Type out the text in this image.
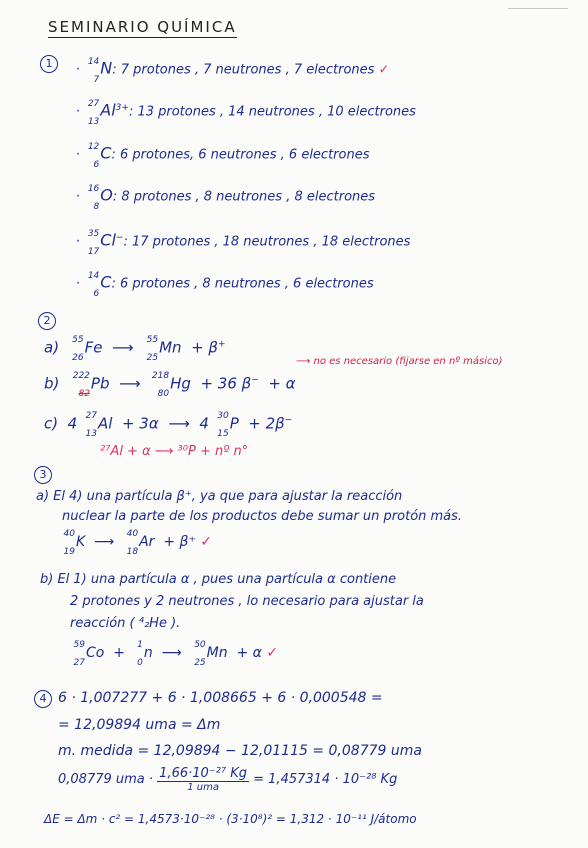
SEMINARIO QUÍMICA
1	·
14
7
N: 7 protones , 7 neutrones , 7 electrones ✓
·
27
13
$Al^{3+}$: 13 protones , 14 neutrones , 10 electrones
·
12
6
C: 6 protones, 6 neutrones , 6 electrones
·
16
8
O: 8 protones , 8 neutrones , 8 electrones
·
35
17
Cl−: 17 protones , 18 neutrones , 18 electrones
·
14
6
C: 6 protones , 8 neutrones , 6 electrones
2
a) 55
26
Fe  ⟶ 55
25
Mn + β+
⟶ no es necesario (fijarse en nº másico)
b) 222
82
Pb  ⟶ 218
80
Hg + 36 β− + α
c) 4 27
13
Al + 3α  ⟶  4 30
15
P + 2β−
²⁷Al + α ⟶ ³⁰P + nº n°
3
a) El 4) una partícula β⁺, ya que para ajustar la reacción
nuclear la parte de los productos debe sumar un protón más.
40
19
K  ⟶ 40
18
Ar + β⁺ ✓
b) El 1) una partícula α , pues una partícula α contiene
2 protones y 2 neutrones , lo necesario para ajustar la
reacción ( ⁴₂He ).
59
27
Co  + 1
0
n  ⟶ 50
25
Mn + α ✓
4 6 · 1,007277 + 6 · 1,008665 + 6 · 0,000548 =
= 12,09894 uma = Δm
m. medida = 12,09894 − 12,01115 = 0,08779 uma
0,08779 uma · $\frac{\text{1,66·10⁻²⁷ Kg}}{\text{1 uma}} = 1,457314 \cdot 10^{-28}$ Kg
ΔE = Δm · c² = 1,4573·10⁻²⁸ · (3·10⁸)² = 1,312 · 10⁻¹¹ J/átomo
